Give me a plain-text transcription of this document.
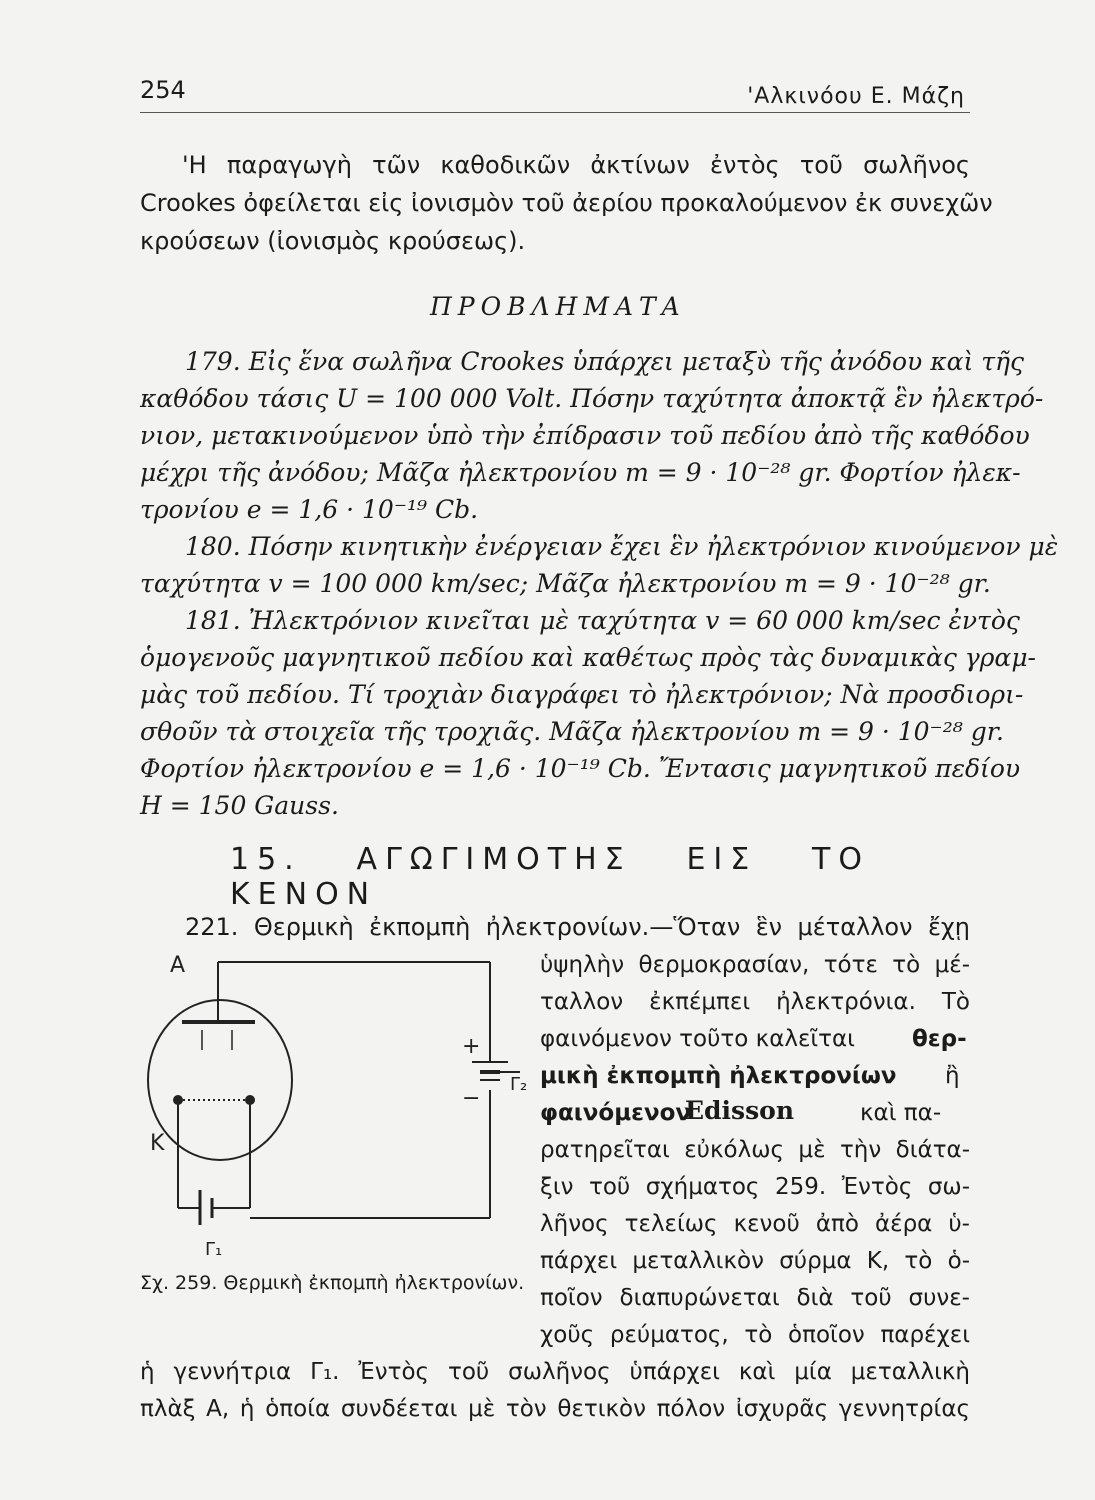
254	'Αλκινόου Ε. Μάζη
'Η παραγωγὴ τῶν καθοδικῶν ἀκτίνων ἐντὸς τοῦ σωλῆνος
Crookes ὀφείλεται εἰς ἰονισμὸν τοῦ ἀερίου προκαλούμενον ἐκ συνεχῶν
κρούσεων (ἰονισμὸς κρούσεως).
ΠΡΟΒΛΗΜΑΤΑ
179. Εἰς ἕνα σωλῆνα Crookes ὑπάρχει μεταξὺ τῆς ἀνόδου καὶ τῆς
καθόδου τάσις U = 100 000 Volt. Πόσην ταχύτητα ἀποκτᾷ ἓν ἠλεκτρό-
νιον, μετακινούμενον ὑπὸ τὴν ἐπίδρασιν τοῦ πεδίου ἀπὸ τῆς καθόδου
μέχρι τῆς ἀνόδου; Μᾶζα ἠλεκτρονίου m = 9 · 10⁻²⁸ gr. Φορτίον ἠλεκ-
τρονίου e = 1,6 · 10⁻¹⁹ Cb.
180. Πόσην κινητικὴν ἐνέργειαν ἔχει ἓν ἠλεκτρόνιον κινούμενον μὲ
ταχύτητα v = 100 000 km/sec; Μᾶζα ἠλεκτρονίου m = 9 · 10⁻²⁸ gr.
181. Ἠλεκτρόνιον κινεῖται μὲ ταχύτητα v = 60 000 km/sec ἐντὸς
ὁμογενοῦς μαγνητικοῦ πεδίου καὶ καθέτως πρὸς τὰς δυναμικὰς γραμ-
μὰς τοῦ πεδίου. Τί τροχιὰν διαγράφει τὸ ἠλεκτρόνιον; Νὰ προσδιορι-
σθοῦν τὰ στοιχεῖα τῆς τροχιᾶς. Μᾶζα ἠλεκτρονίου m = 9 · 10⁻²⁸ gr.
Φορτίον ἠλεκτρονίου e = 1,6 · 10⁻¹⁹ Cb. Ἔντασις μαγνητικοῦ πεδίου
H = 150 Gauss.
15. ΑΓΩΓΙΜΟΤΗΣ ΕΙΣ ΤΟ ΚΕΝΟΝ
221. Θερμικὴ ἐκπομπὴ ἠλεκτρονίων.—Ὅταν ἓν μέταλλον ἔχῃ
ὑψηλὴν θερμοκρασίαν, τότε τὸ μέ-
ταλλον ἐκπέμπει ἠλεκτρόνια. Τὸ
φαινόμενον τοῦτο καλεῖται θερ-
μικὴ ἐκπομπὴ ἠλεκτρονίων ἢ
φαινόμενον
Edisson	καὶ πα-
ρατηρεῖται εὐκόλως μὲ τὴν διάτα-
ξιν τοῦ σχήματος 259. Ἐντὸς σω-
λῆνος τελείως κενοῦ ἀπὸ ἀέρα ὑ-
πάρχει μεταλλικὸν σύρμα K, τὸ ὁ-
ποῖον διαπυρώνεται διὰ τοῦ συνε-
χοῦς ρεύματος, τὸ ὁποῖον παρέχει
ἡ γεννήτρια Γ₁. Ἐντὸς τοῦ σωλῆνος ὑπάρχει καὶ μία μεταλλικὴ
πλὰξ A, ἡ ὁποία συνδέεται μὲ τὸν θετικὸν πόλον ἰσχυρᾶς γεννητρίας
A
K
Γ₁
Γ₂
+
−
Σχ. 259. Θερμικὴ ἐκπομπὴ ἠλεκτρονίων.
